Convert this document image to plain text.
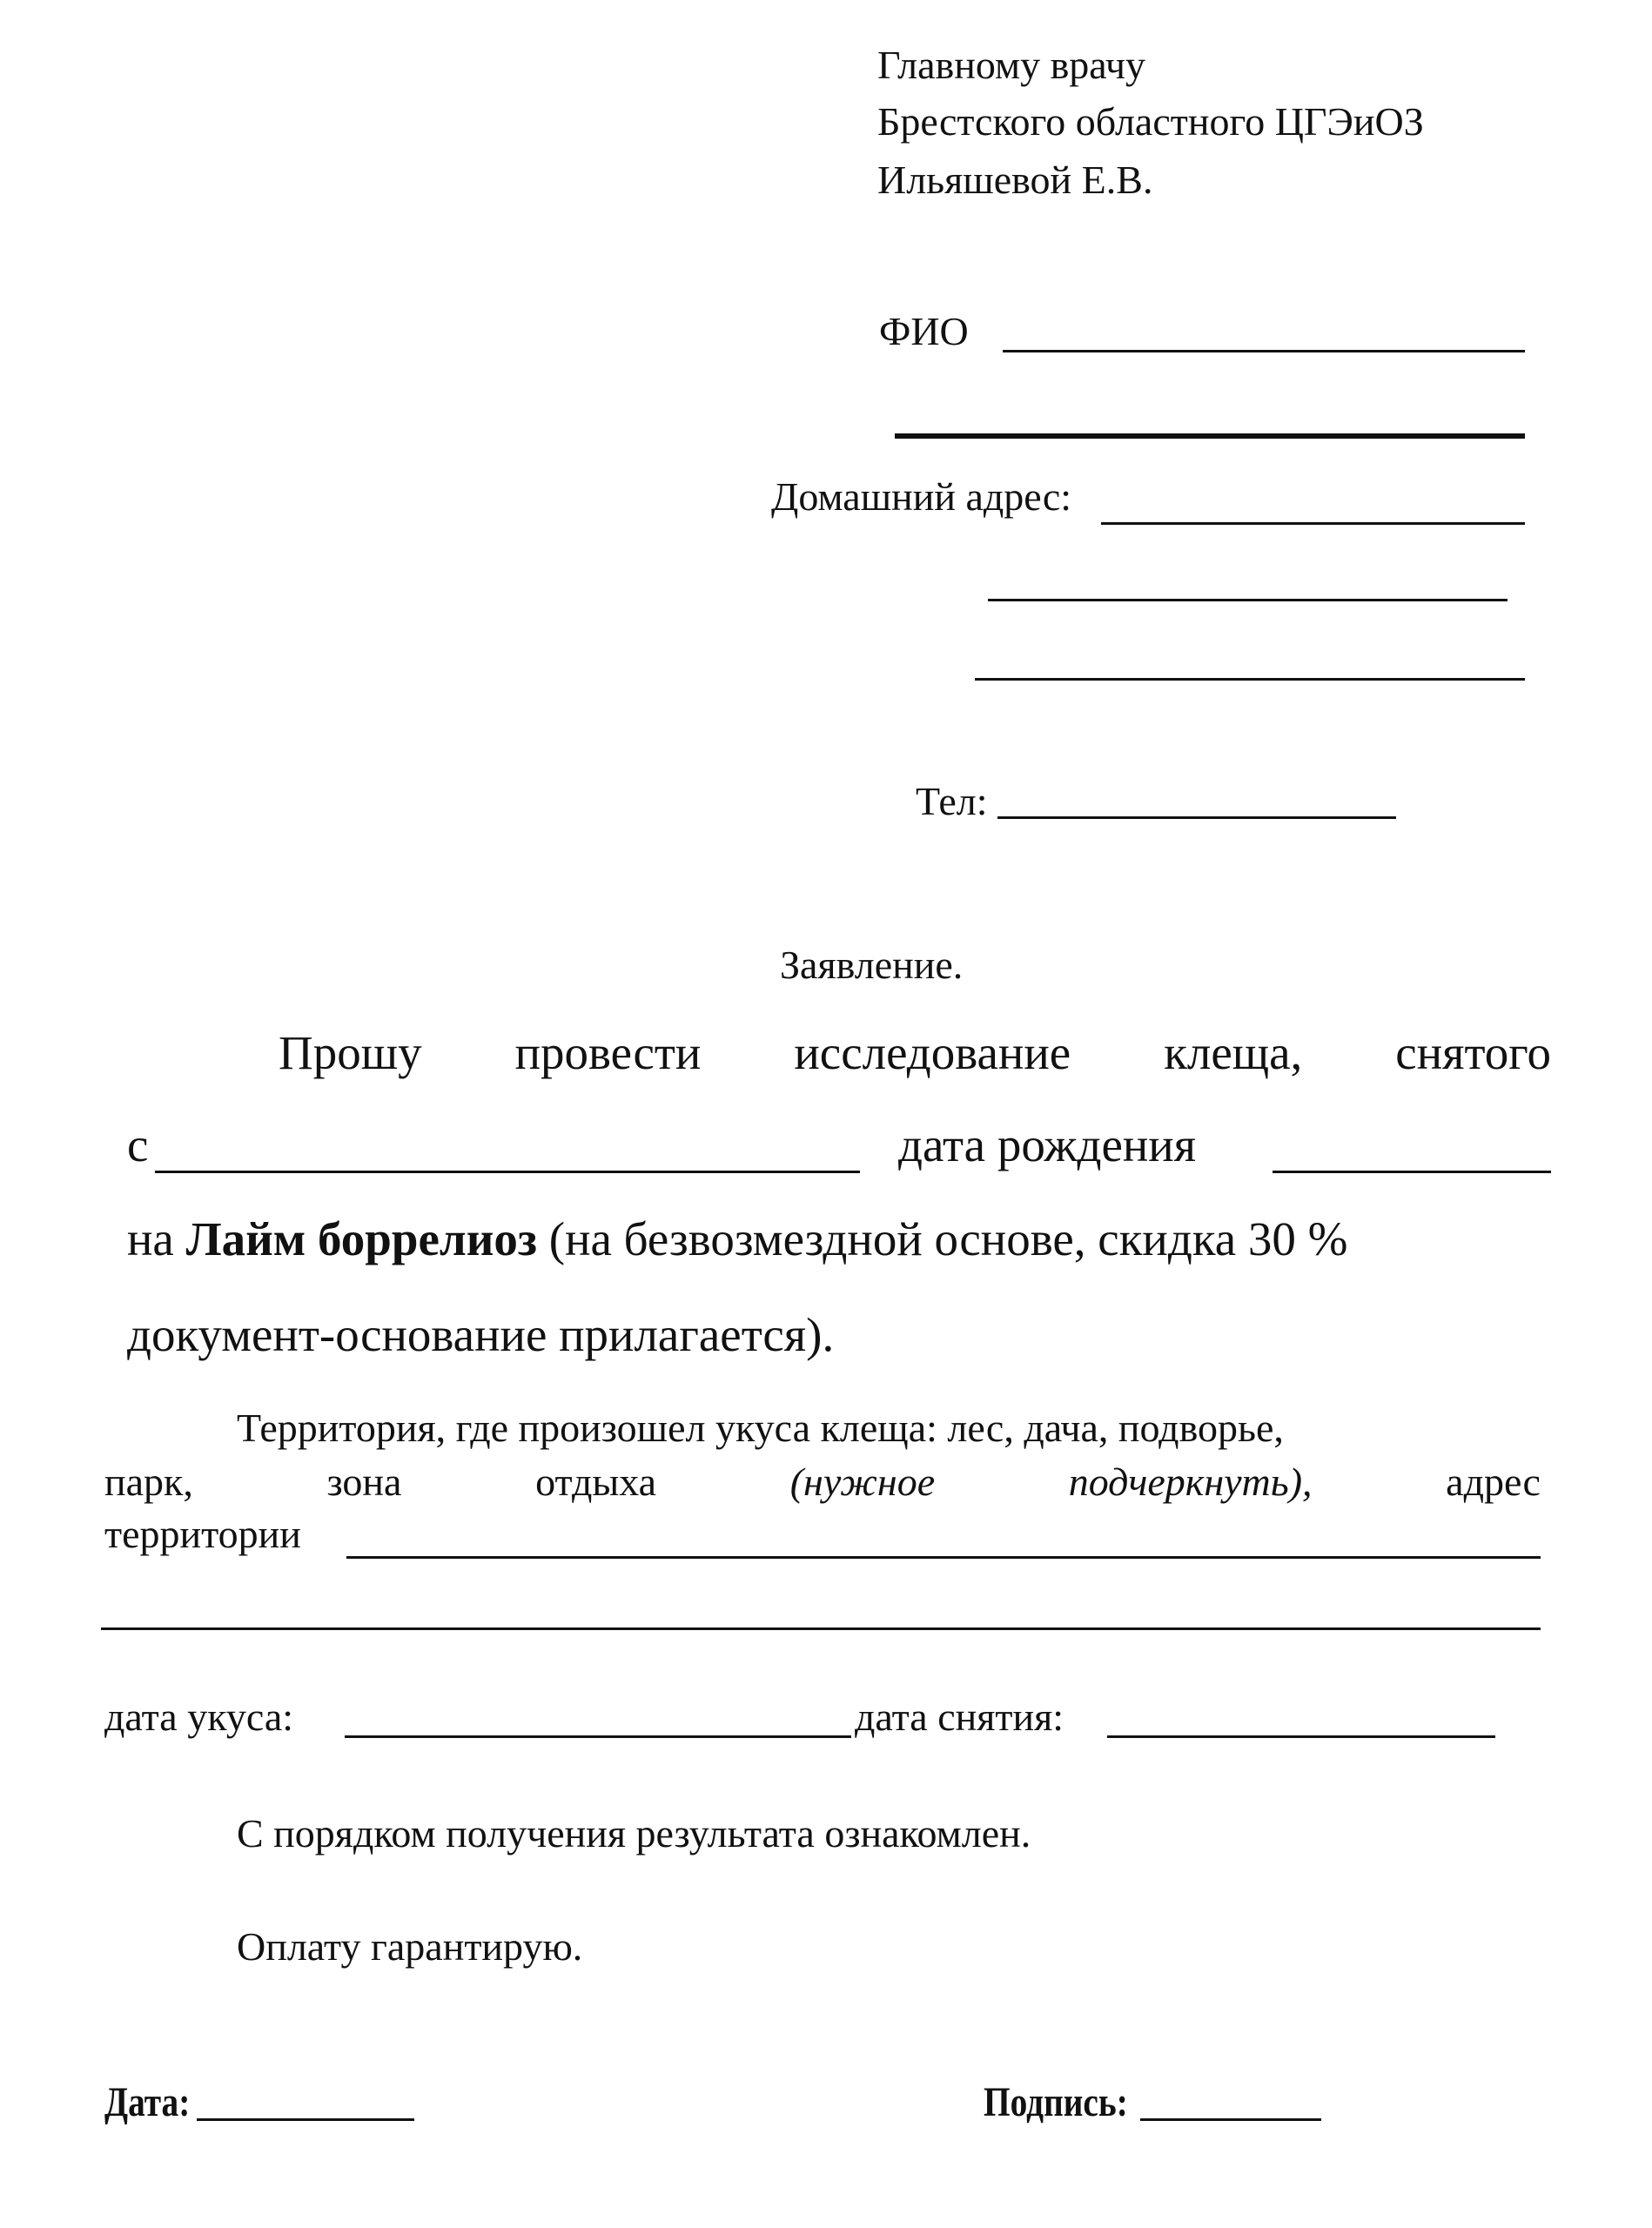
Главному врачу
Брестского областного ЦГЭиОЗ
Ильяшевой Е.В.
ФИО
Домашний адрес:
Тел:
Заявление.
Прошу провести исследование клеща, снятого
с	дата рождения
на Лайм боррелиоз (на безвозмездной основе, скидка 30 %
документ-основание прилагается).
Территория, где произошел укуса клеща: лес, дача, подворье,
парк,	зона	отдыха	(нужное	подчеркнуть),	адрес
территории
дата укуса:	дата снятия:
С порядком получения результата ознакомлен.
Оплату гарантирую.
Дата:	Подпись:
